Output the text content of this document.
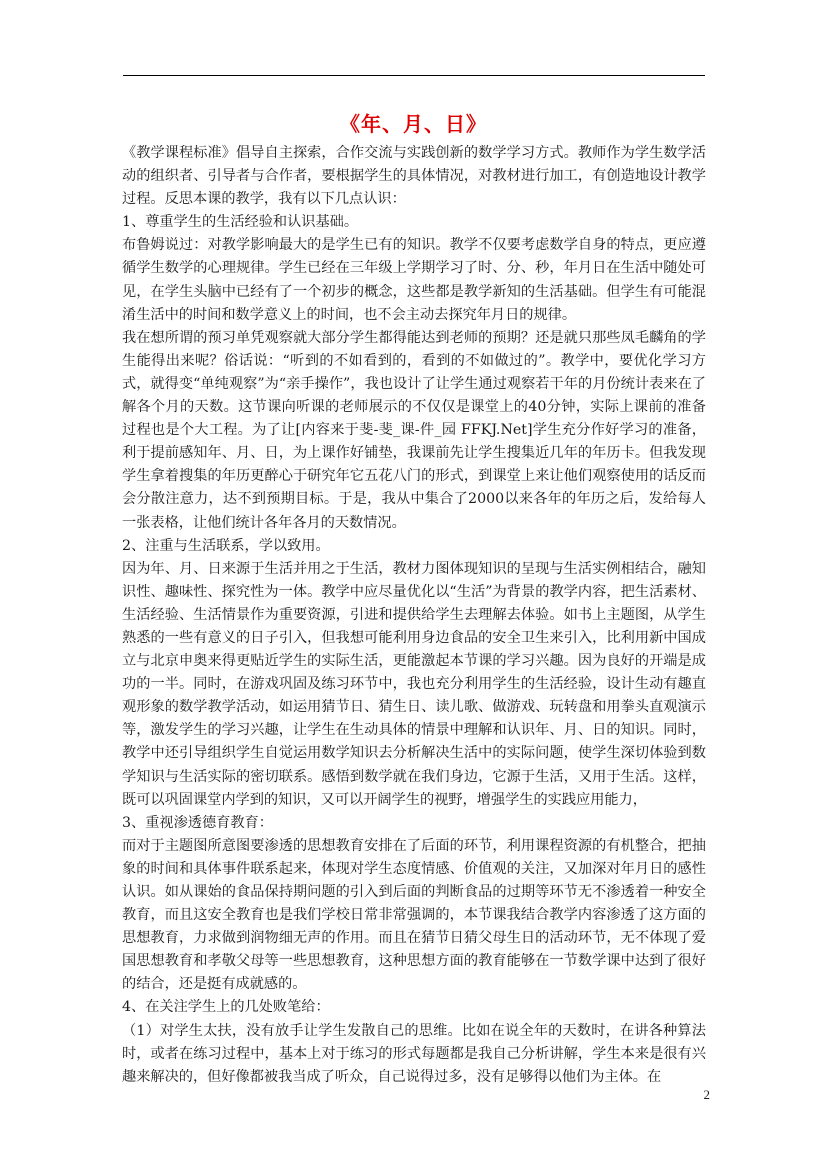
《年、月、日》

《教学课程标准》倡导自主探索，合作交流与实践创新的数学学习方式。教师作为学生数学活动的组织者、引导者与合作者，要根据学生的具体情况，对教材进行加工，有创造地设计教学过程。反思本课的教学，我有以下几点认识：

1、尊重学生的生活经验和认识基础。

布鲁姆说过：对教学影响最大的是学生已有的知识。教学不仅要考虑数学自身的特点，更应遵循学生数学的心理规律。学生已经在三年级上学期学习了时、分、秒，年月日在生活中随处可见，在学生头脑中已经有了一个初步的概念，这些都是教学新知的生活基础。但学生有可能混淆生活中的时间和数学意义上的时间，也不会主动去探究年月日的规律。

我在想所谓的预习单凭观察就大部分学生都得能达到老师的预期？还是就只那些凤毛麟角的学生能得出来呢？俗话说：“听到的不如看到的，看到的不如做过的”。教学中，要优化学习方式，就得变“单纯观察”为“亲手操作”，我也设计了让学生通过观察若干年的月份统计表来在了解各个月的天数。这节课向听课的老师展示的不仅仅是课堂上的40分钟，实际上课前的准备过程也是个大工程。为了让[内容来于斐-斐_课-件_园 FFKJ.Net]学生充分作好学习的准备，利于提前感知年、月、日，为上课作好铺垫，我课前先让学生搜集近几年的年历卡。但我发现学生拿着搜集的年历更醉心于研究年它五花八门的形式，到课堂上来让他们观察使用的话反而会分散注意力，达不到预期目标。于是，我从中集合了2000以来各年的年历之后，发给每人一张表格，让他们统计各年各月的天数情况。

2、注重与生活联系，学以致用。

因为年、月、日来源于生活并用之于生活，教材力图体现知识的呈现与生活实例相结合，融知识性、趣味性、探究性为一体。教学中应尽量优化以“生活”为背景的教学内容，把生活素材、生活经验、生活情景作为重要资源，引进和提供给学生去理解去体验。如书上主题图，从学生熟悉的一些有意义的日子引入，但我想可能利用身边食品的安全卫生来引入，比利用新中国成立与北京申奥来得更贴近学生的实际生活，更能激起本节课的学习兴趣。因为良好的开端是成功的一半。同时，在游戏巩固及练习环节中，我也充分利用学生的生活经验，设计生动有趣直观形象的数学教学活动，如运用猜节日、猜生日、读儿歌、做游戏、玩转盘和用拳头直观演示等，激发学生的学习兴趣，让学生在生动具体的情景中理解和认识年、月、日的知识。同时，教学中还引导组织学生自觉运用数学知识去分析解决生活中的实际问题，使学生深切体验到数学知识与生活实际的密切联系。感悟到数学就在我们身边，它源于生活，又用于生活。这样，既可以巩固课堂内学到的知识，又可以开阔学生的视野，增强学生的实践应用能力，

3、重视渗透德育教育：

而对于主题图所意图要渗透的思想教育安排在了后面的环节，利用课程资源的有机整合，把抽象的时间和具体事件联系起来，体现对学生态度情感、价值观的关注，又加深对年月日的感性认识。如从课始的食品保持期问题的引入到后面的判断食品的过期等环节无不渗透着一种安全教育，而且这安全教育也是我们学校日常非常强调的，本节课我结合教学内容渗透了这方面的思想教育，力求做到润物细无声的作用。而且在猜节日猜父母生日的活动环节，无不体现了爱国思想教育和孝敬父母等一些思想教育，这种思想方面的教育能够在一节数学课中达到了很好的结合，还是挺有成就感的。

4、在关注学生上的几处败笔给：

（1）对学生太扶，没有放手让学生发散自己的思维。比如在说全年的天数时，在讲各种算法时，或者在练习过程中，基本上对于练习的形式每题都是我自己分析讲解，学生本来是很有兴趣来解决的，但好像都被我当成了听众，自己说得过多，没有足够得以他们为主体。在

2
